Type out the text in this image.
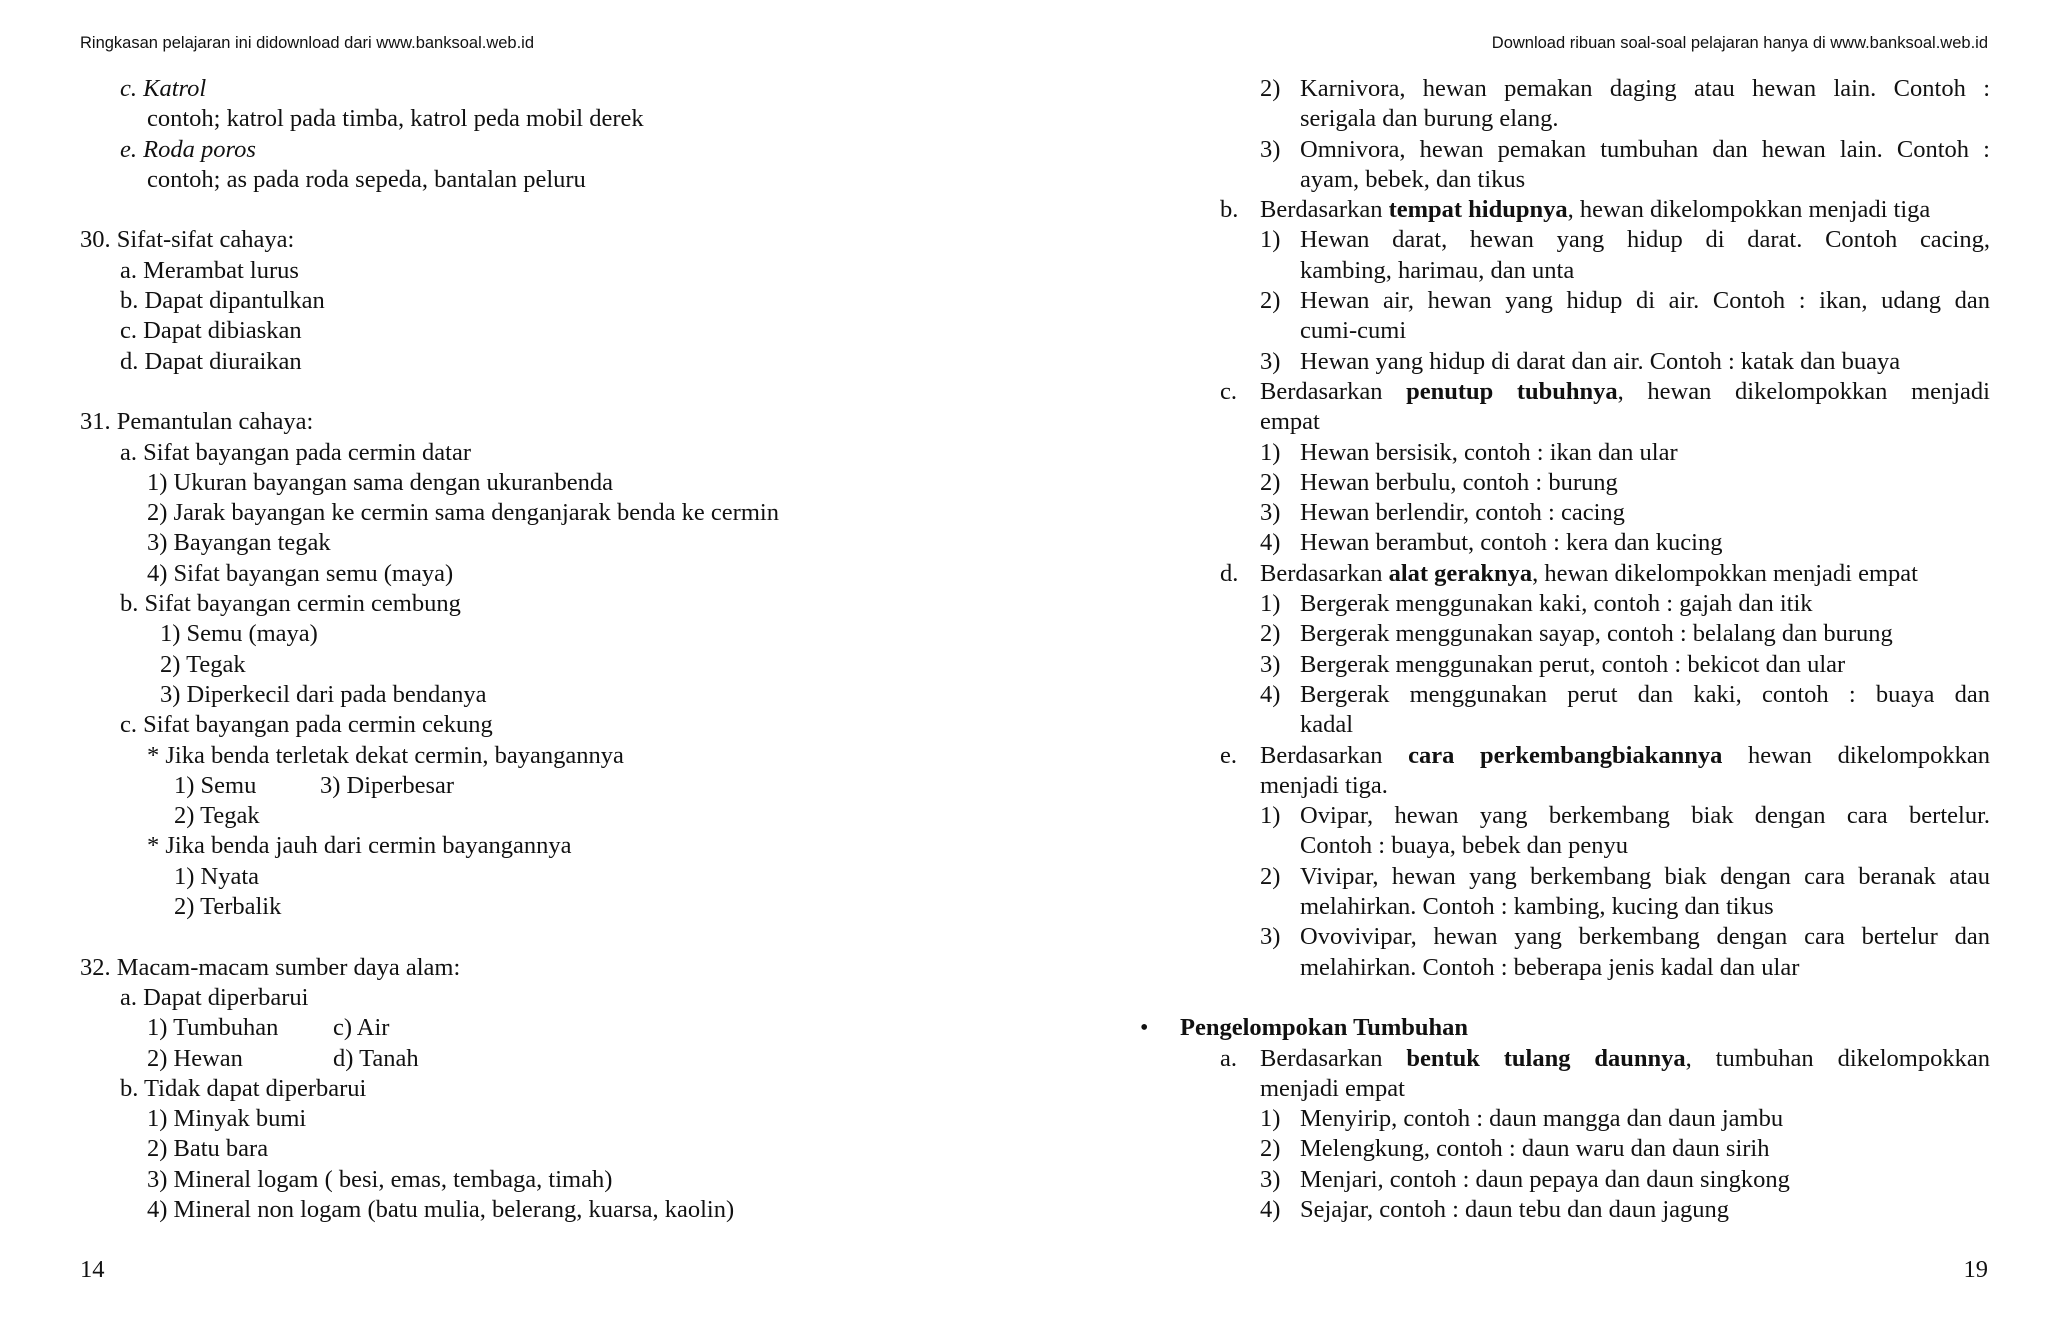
Ringkasan pelajaran ini didownload dari www.banksoal.web.id	Download ribuan soal-soal pelajaran hanya di www.banksoal.web.id
c. Katrol
contoh; katrol pada timba, katrol peda mobil derek
e. Roda poros
contoh; as pada roda sepeda, bantalan peluru
30. Sifat-sifat cahaya:
a. Merambat lurus
b. Dapat dipantulkan
c. Dapat dibiaskan
d. Dapat diuraikan
31. Pemantulan cahaya:
a. Sifat bayangan pada cermin datar
1) Ukuran bayangan sama dengan ukuranbenda
2) Jarak bayangan ke cermin sama denganjarak benda ke cermin
3) Bayangan tegak
4) Sifat bayangan semu (maya)
b. Sifat bayangan cermin cembung
1) Semu (maya)
2) Tegak
3) Diperkecil dari pada bendanya
c. Sifat bayangan pada cermin cekung
* Jika benda terletak dekat cermin, bayangannya
1) Semu	3) Diperbesar
2) Tegak
* Jika benda jauh dari cermin bayangannya
1) Nyata
2) Terbalik
32. Macam-macam sumber daya alam:
a. Dapat diperbarui
1) Tumbuhan c) Air
2) Hewan	d) Tanah
b. Tidak dapat diperbarui
1) Minyak bumi
2) Batu bara
3) Mineral logam ( besi, emas, tembaga, timah)
4) Mineral non logam (batu mulia, belerang, kuarsa, kaolin)
14
2) Karnivora, hewan pemakan daging atau hewan lain. Contoh :
serigala dan burung elang.
3) Omnivora, hewan pemakan tumbuhan dan hewan lain. Contoh :
ayam, bebek, dan tikus
b. Berdasarkan tempat hidupnya, hewan dikelompokkan menjadi tiga
1) Hewan darat, hewan yang hidup di darat. Contoh cacing,
kambing, harimau, dan unta
2) Hewan air, hewan yang hidup di air. Contoh : ikan, udang dan
cumi-cumi
3) Hewan yang hidup di darat dan air. Contoh : katak dan buaya
c. Berdasarkan penutup tubuhnya, hewan dikelompokkan menjadi
empat
1) Hewan bersisik, contoh : ikan dan ular
2) Hewan berbulu, contoh : burung
3) Hewan berlendir, contoh : cacing
4) Hewan berambut, contoh : kera dan kucing
d. Berdasarkan alat geraknya, hewan dikelompokkan menjadi empat
1) Bergerak menggunakan kaki, contoh : gajah dan itik
2) Bergerak menggunakan sayap, contoh : belalang dan burung
3) Bergerak menggunakan perut, contoh : bekicot dan ular
4) Bergerak menggunakan perut dan kaki, contoh : buaya dan
kadal
e. Berdasarkan cara perkembangbiakannya hewan dikelompokkan
menjadi tiga.
1) Ovipar, hewan yang berkembang biak dengan cara bertelur.
Contoh : buaya, bebek dan penyu
2) Vivipar, hewan yang berkembang biak dengan cara beranak atau
melahirkan. Contoh : kambing, kucing dan tikus
3) Ovovivipar, hewan yang berkembang dengan cara bertelur dan
melahirkan. Contoh : beberapa jenis kadal dan ular
•	Pengelompokan Tumbuhan
a. Berdasarkan bentuk tulang daunnya, tumbuhan dikelompokkan
menjadi empat
1) Menyirip, contoh : daun mangga dan daun jambu
2) Melengkung, contoh : daun waru dan daun sirih
3) Menjari, contoh : daun pepaya dan daun singkong
4) Sejajar, contoh : daun tebu dan daun jagung
19
